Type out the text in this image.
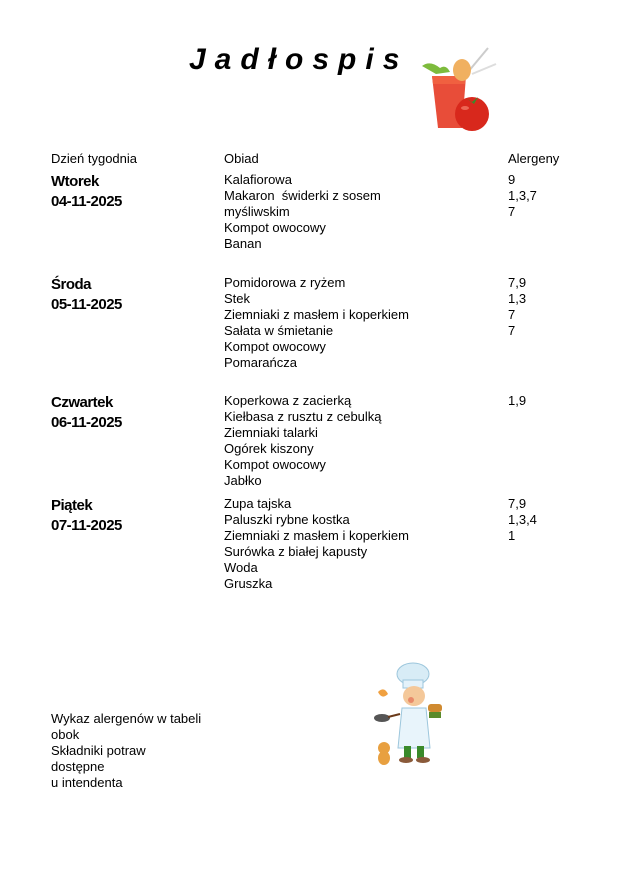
Jadłospis
Dzień tygodnia	Obiad	Alergeny
Wtorek
04-11-2025
Kalafiorowa
Makaron  świderki z sosem
myśliwskim
Kompot owocowy
Banan
9
1,3,7
7
Środa
05-11-2025
Pomidorowa z ryżem
Stek
Ziemniaki z masłem i koperkiem
Sałata w śmietanie
Kompot owocowy
Pomarańcza
7,9
1,3
7
7
Czwartek
06-11-2025
Koperkowa z zacierką
Kiełbasa z rusztu z cebulką
Ziemniaki talarki
Ogórek kiszony
Kompot owocowy
Jabłko
1,9
Piątek
07-11-2025
Zupa tajska
Paluszki rybne kostka
Ziemniaki z masłem i koperkiem
Surówka z białej kapusty
Woda
Gruszka
7,9
1,3,4
1
Wykaz alergenów w tabeli
obok
Składniki potraw
dostępne
u intendenta
